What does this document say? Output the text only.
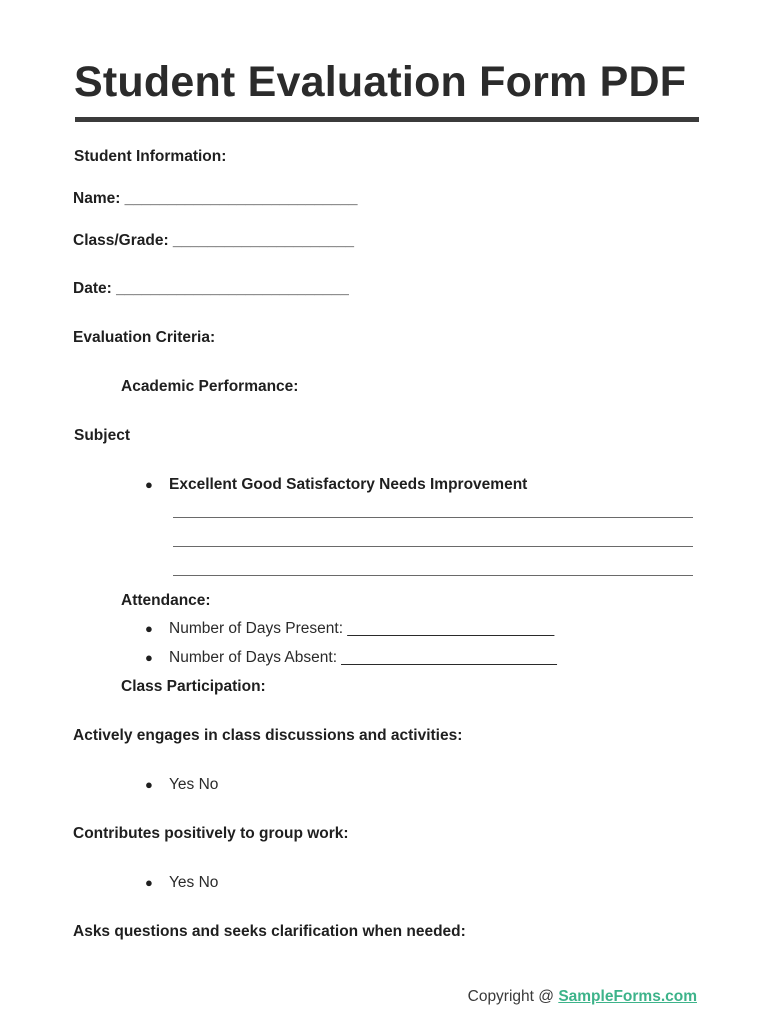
Student Evaluation Form PDF
Student Information:
Name: ___________________________
Class/Grade: _____________________
Date: ___________________________
Evaluation Criteria:
Academic Performance:
Subject
● Excellent Good Satisfactory Needs Improvement
Attendance:
● Number of Days Present: ________________________
● Number of Days Absent: _________________________
Class Participation:
Actively engages in class discussions and activities:
● Yes No
Contributes positively to group work:
● Yes No
Asks questions and seeks clarification when needed:
Copyright @ SampleForms.com
